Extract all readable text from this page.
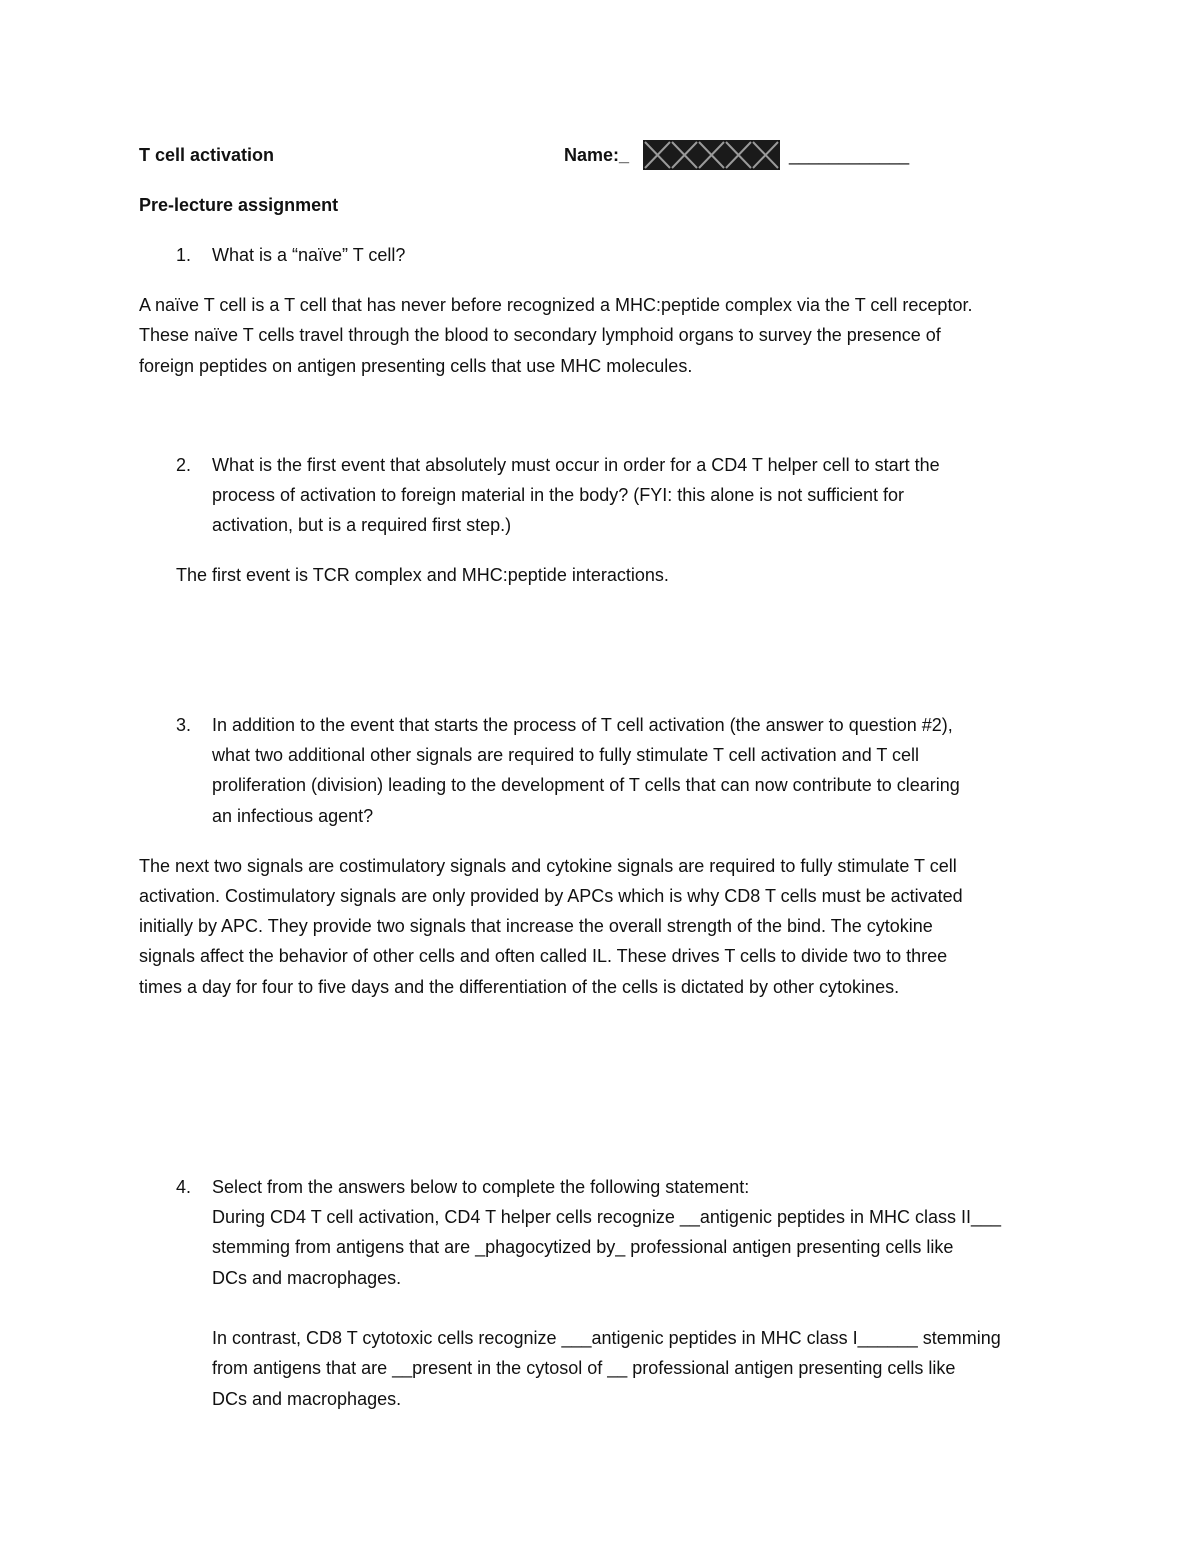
T cell activation	Name:_	____________
Pre-lecture assignment
1. What is a “naïve” T cell?
A naïve T cell is a T cell that has never before recognized a MHC:peptide complex via the T cell receptor.
These naïve T cells travel through the blood to secondary lymphoid organs to survey the presence of
foreign peptides on antigen presenting cells that use MHC molecules.
2. What is the first event that absolutely must occur in order for a CD4 T helper cell to start the
process of activation to foreign material in the body? (FYI: this alone is not sufficient for
activation, but is a required first step.)
The first event is TCR complex and MHC:peptide interactions.
3. In addition to the event that starts the process of T cell activation (the answer to question #2),
what two additional other signals are required to fully stimulate T cell activation and T cell
proliferation (division) leading to the development of T cells that can now contribute to clearing
an infectious agent?
The next two signals are costimulatory signals and cytokine signals are required to fully stimulate T cell
activation. Costimulatory signals are only provided by APCs which is why CD8 T cells must be activated
initially by APC. They provide two signals that increase the overall strength of the bind. The cytokine
signals affect the behavior of other cells and often called IL. These drives T cells to divide two to three
times a day for four to five days and the differentiation of the cells is dictated by other cytokines.
4. Select from the answers below to complete the following statement:
During CD4 T cell activation, CD4 T helper cells recognize __antigenic peptides in MHC class II___
stemming from antigens that are _phagocytized by_ professional antigen presenting cells like
DCs and macrophages.
In contrast, CD8 T cytotoxic cells recognize ___antigenic peptides in MHC class I______ stemming
from antigens that are __present in the cytosol of __ professional antigen presenting cells like
DCs and macrophages.
